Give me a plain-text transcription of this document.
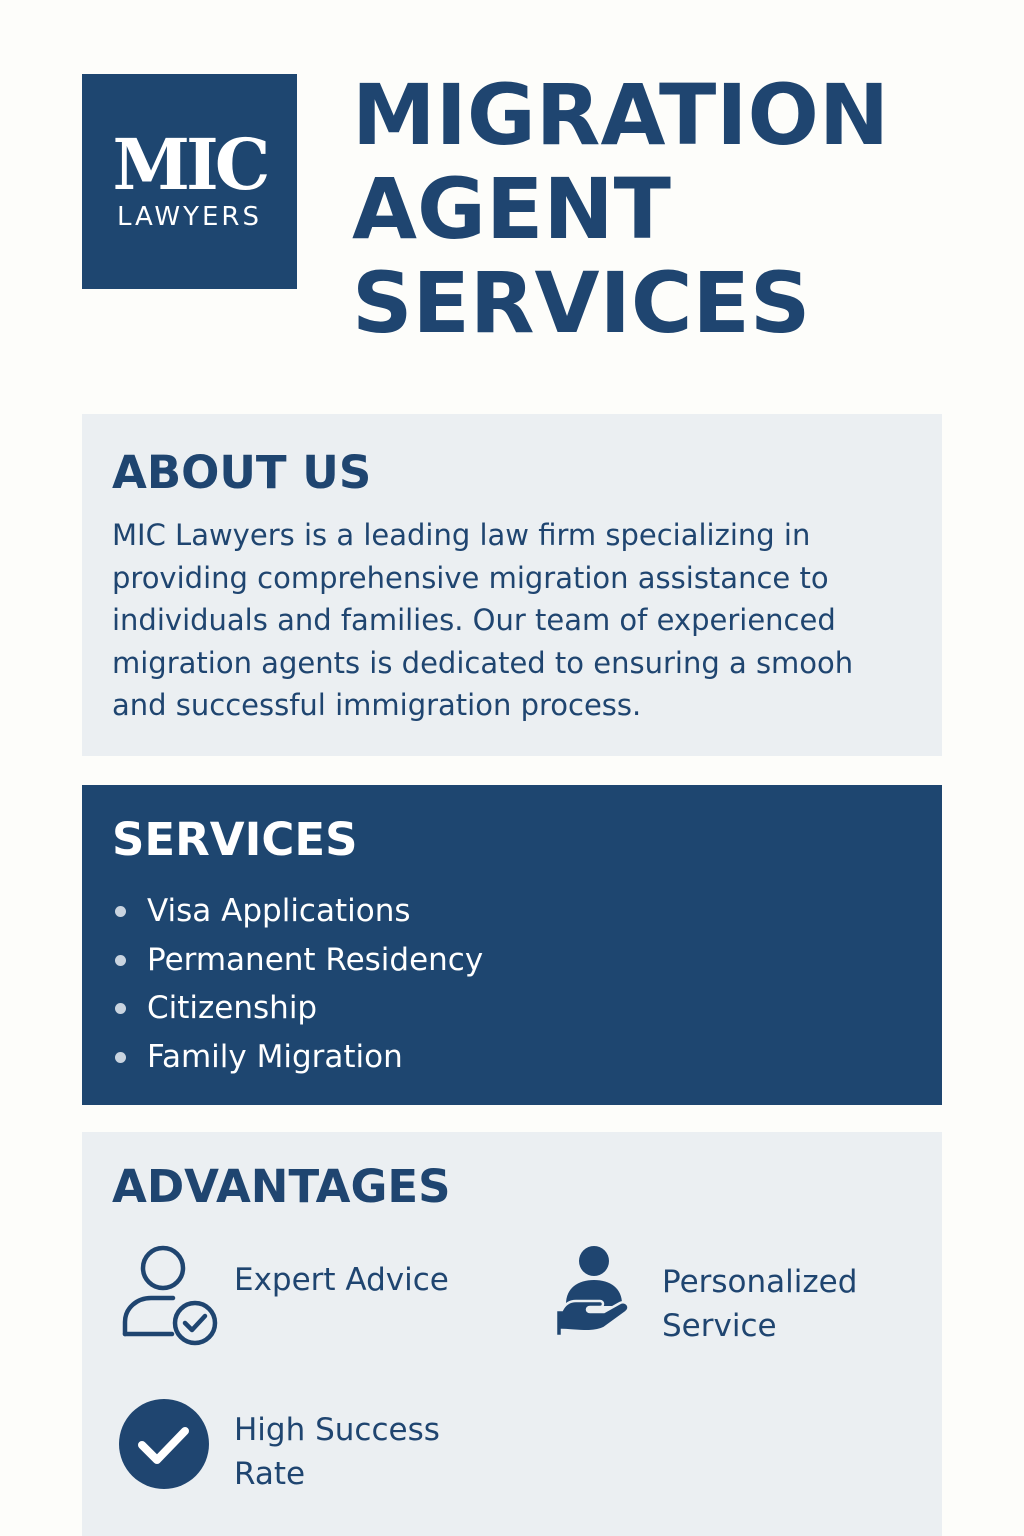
MIC
LAWYERS
MIGRATION
AGENT
SERVICES
ABOUT US

MIC Lawyers is a leading law firm specializing in providing comprehensive migration assistance to individuals and families. Our team of experienced migration agents is dedicated to ensuring a smooh and successful immigration process.

SERVICES
Visa Applications
Permanent Residency
Citizenship
Family Migration
ADVANTAGES

Expert Advice	Personalized Service

High Success Rate
